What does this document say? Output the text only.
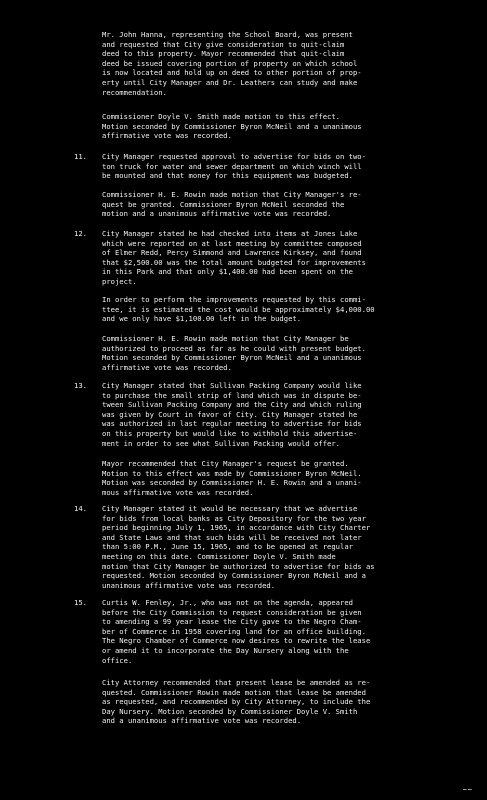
Mr. John Hanna, representing the School Board, was present
and requested that City give consideration to quit-claim
deed to this property. Mayor recommended that quit-claim
deed be issued covering portion of property on which school
is now located and hold up on deed to other portion of prop-
erty until City Manager and Dr. Leathers can study and make
recommendation.
Commissioner Doyle V. Smith made motion to this effect.
Motion seconded by Commissioner Byron McNeil and a unanimous
affirmative vote was recorded.
11.	City Manager requested approval to advertise for bids on two-
ton truck for water and sewer department on which winch will
be mounted and that money for this equipment was budgeted.
Commissioner H. E. Rowin made motion that City Manager's re-
quest be granted. Commissioner Byron McNeil seconded the
motion and a unanimous affirmative vote was recorded.
12.	City Manager stated he had checked into items at Jones Lake
which were reported on at last meeting by committee composed
of Elmer Redd, Percy Simmond and Lawrence Kirksey, and found
that $2,500.00 was the total amount budgeted for improvements
in this Park and that only $1,400.00 had been spent on the
project.
In order to perform the improvements requested by this commi-
ttee, it is estimated the cost would be approximately $4,000.00
and we only have $1,100.00 left in the budget.
Commissioner H. E. Rowin made motion that City Manager be
authorized to proceed as far as he could with present budget.
Motion seconded by Commissioner Byron McNeil and a unanimous
affirmative vote was recorded.
13.	City Manager stated that Sullivan Packing Company would like
to purchase the small strip of land which was in dispute be-
tween Sullivan Packing Company and the City and which ruling
was given by Court in favor of City. City Manager stated he
was authorized in last regular meeting to advertise for bids
on this property but would like to withhold this advertise-
ment in order to see what Sullivan Packing would offer.
Mayor recommended that City Manager's request be granted.
Motion to this effect was made by Commissioner Byron McNeil.
Motion was seconded by Commissioner H. E. Rowin and a unani-
mous affirmative vote was recorded.
14.	City Manager stated it would be necessary that we advertise
for bids from local banks as City Depository for the two year
period beginning July 1, 1965, in accordance with City Charter
and State Laws and that such bids will be received not later
than 5:00 P.M., June 15, 1965, and to be opened at regular
meeting on this date. Commissioner Doyle V. Smith made
motion that City Manager be authorized to advertise for bids as
requested. Motion seconded by Commissioner Byron McNeil and a
unanimous affirmative vote was recorded.
15.	Curtis W. Fenley, Jr., who was not on the agenda, appeared
before the City Commission to request consideration be given
to amending a 99 year lease the City gave to the Negro Cham-
ber of Commerce in 1958 covering land for an office building.
The Negro Chamber of Commerce now desires to rewrite the lease
or amend it to incorporate the Day Nursery along with the
office.
City Attorney recommended that present lease be amended as re-
quested. Commissioner Rowin made motion that lease be amended
as requested, and recommended by City Attorney, to include the
Day Nursery. Motion seconded by Commissioner Doyle V. Smith
and a unanimous affirmative vote was recorded.
~~
